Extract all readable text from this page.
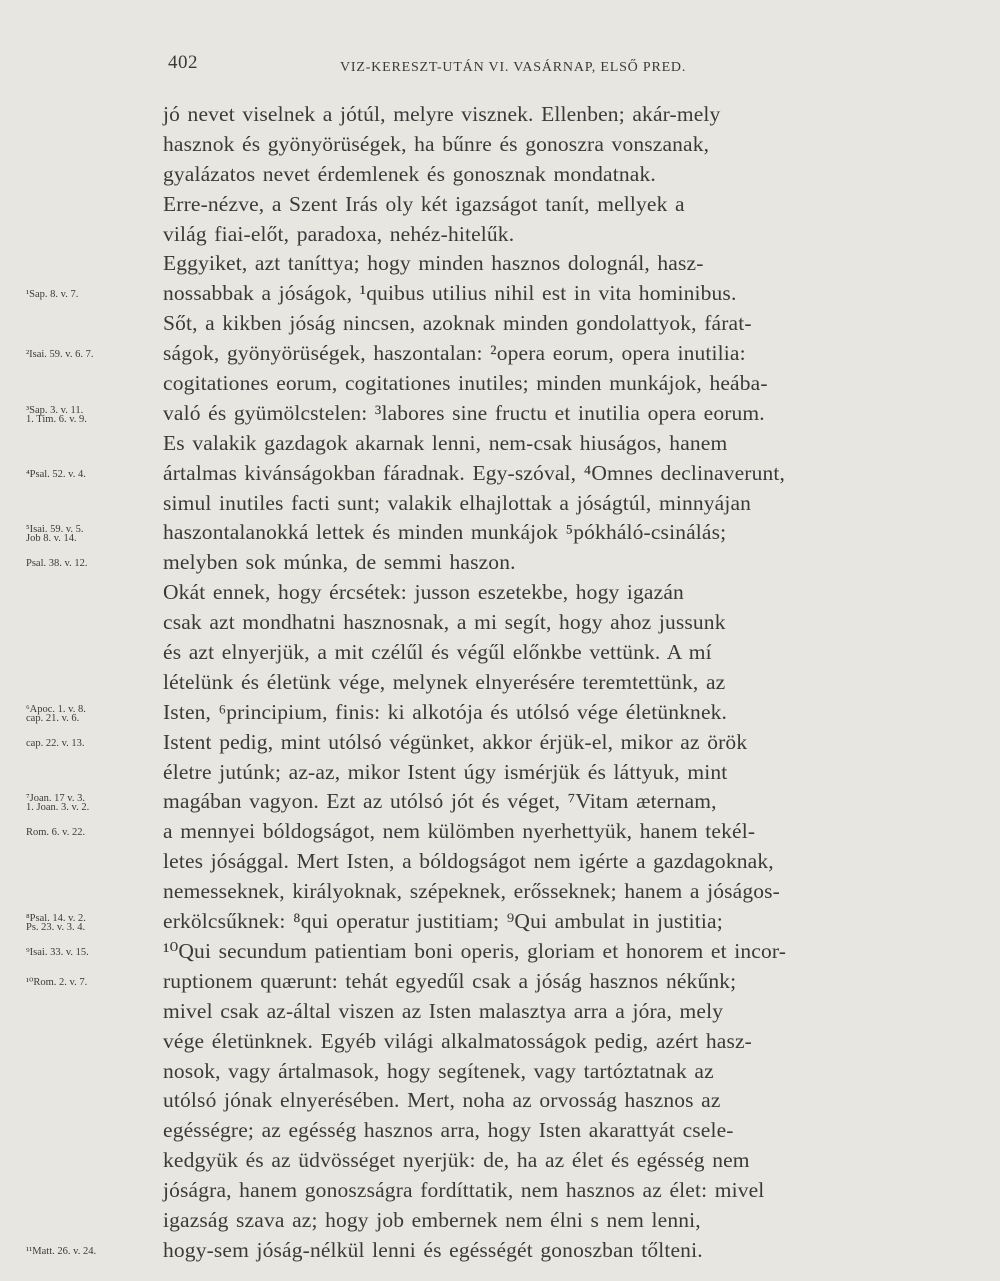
402	VIZ-KERESZT-UTÁN VI. VASÁRNAP, ELSŐ PRED.
¹Sap. 8. v. 7.
²Isai. 59. v. 6. 7.
³Sap. 3. v. 11.
1. Tim. 6. v. 9.
⁴Psal. 52. v. 4.
⁵Isai. 59. v. 5.
Job 8. v. 14.
Psal. 38. v. 12.
⁶Apoc. 1. v. 8.
cap. 21. v. 6.
cap. 22. v. 13.
⁷Joan. 17 v. 3.
1. Joan. 3. v. 2.
Rom. 6. v. 22.
⁸Psal. 14. v. 2.
Ps. 23. v. 3. 4.
⁹Isai. 33. v. 15.
¹⁰Rom. 2. v. 7.
¹¹Matt. 26. v. 24.
jó nevet viselnek a jótúl, melyre visznek. Ellenben; akár-mely
hasznok és gyönyörüségek, ha bűnre és gonoszra vonszanak,
gyalázatos nevet érdemlenek és gonosznak mondatnak.
Erre-nézve, a Szent Irás oly két igazságot tanít, mellyek a
világ fiai-előt, paradoxa, nehéz-hitelűk.
Eggyiket, azt taníttya; hogy minden hasznos dolognál, hasz-
nossabbak a jóságok, ¹quibus utilius nihil est in vita hominibus.
Sőt, a kikben jóság nincsen, azoknak minden gondolattyok, fárat-
ságok, gyönyörüségek, haszontalan: ²opera eorum, opera inutilia:
cogitationes eorum, cogitationes inutiles; minden munkájok, heába-
való és gyümölcstelen: ³labores sine fructu et inutilia opera eorum.
Es valakik gazdagok akarnak lenni, nem-csak hiuságos, hanem
ártalmas kivánságokban fáradnak. Egy-szóval, ⁴Omnes declinaverunt,
simul inutiles facti sunt; valakik elhajlottak a jóságtúl, minnyájan
haszontalanokká lettek és minden munkájok ⁵pókháló-csinálás;
melyben sok múnka, de semmi haszon.
Okát ennek, hogy ércsétek: jusson eszetekbe, hogy igazán
csak azt mondhatni hasznosnak, a mi segít, hogy ahoz jussunk
és azt elnyerjük, a mit czélűl és végűl előnkbe vettünk. A mí
lételünk és életünk vége, melynek elnyerésére teremtettünk, az
Isten, ⁶principium, finis: ki alkotója és utólsó vége életünknek.
Istent pedig, mint utólsó végünket, akkor érjük-el, mikor az örök
életre jutúnk; az-az, mikor Istent úgy ismérjük és láttyuk, mint
magában vagyon. Ezt az utólsó jót és véget, ⁷Vitam æternam,
a mennyei bóldogságot, nem külömben nyerhettyük, hanem tekél-
letes jósággal. Mert Isten, a bóldogságot nem igérte a gazdagoknak,
nemesseknek, királyoknak, szépeknek, erősseknek; hanem a jóságos-
erkölcsűknek: ⁸qui operatur justitiam; ⁹Qui ambulat in justitia;
¹⁰Qui secundum patientiam boni operis, gloriam et honorem et incor-
ruptionem quærunt: tehát egyedűl csak a jóság hasznos nékűnk;
mivel csak az-által viszen az Isten malasztya arra a jóra, mely
vége életünknek. Egyéb világi alkalmatosságok pedig, azért hasz-
nosok, vagy ártalmasok, hogy segítenek, vagy tartóztatnak az
utólsó jónak elnyerésében. Mert, noha az orvosság hasznos az
egésségre; az egésség hasznos arra, hogy Isten akarattyát csele-
kedgyük és az üdvösséget nyerjük: de, ha az élet és egésség nem
jóságra, hanem gonoszságra fordíttatik, nem hasznos az élet: mivel
igazság szava az; hogy job embernek nem élni s nem lenni,
hogy-sem jóság-nélkül lenni és egésségét gonoszban tőlteni.
